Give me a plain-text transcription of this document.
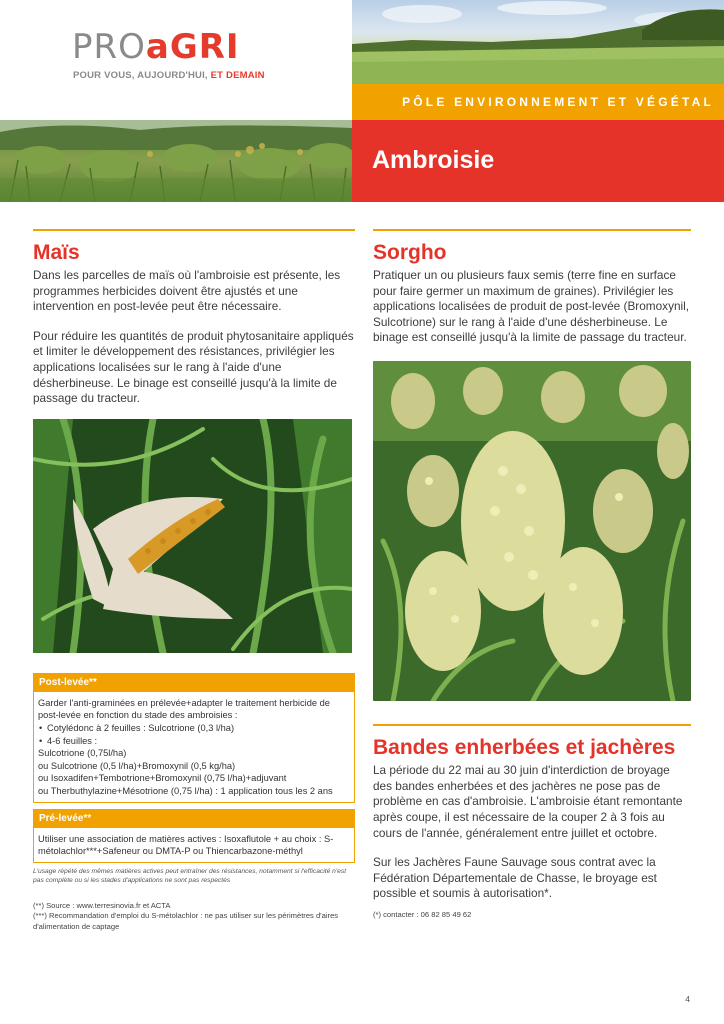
PROaGRI
POUR VOUS, AUJOURD'HUI, ET DEMAIN
PÔLE ENVIRONNEMENT ET VÉGÉTAL
Ambroisie
Maïs

Dans les parcelles de maïs où l'ambroisie est présente, les programmes herbicides doivent être ajustés et une intervention en post-levée peut être nécessaire.

Pour réduire les quantités de produit phytosanitaire appliqués et limiter le développement des résistances, privilégier les applications localisées sur le rang à l'aide d'une désherbineuse. Le binage est conseillé jusqu'à la limite de passage du tracteur.

Post-levée**
Garder l'anti-graminées en prélevée+adapter le traitement herbicide de post-levée en fonction du stade des ambroisies :
• Cotylédonc à 2 feuilles : Sulcotrione (0,3 l/ha)
• 4-6 feuilles :
Sulcotrione (0,75l/ha)
ou Sulcotrione (0,5 l/ha)+Bromoxynil (0,5 kg/ha)
ou Isoxadifen+Tembotrione+Bromoxynil (0,75 l/ha)+adjuvant
ou Therbuthylazine+Mésotrione (0,75 l/ha) : 1 application tous les 2 ans
Pré-levée**
Utiliser une association de matières actives : Isoxaflutole + au choix : S-métolachlor***+Safeneur ou DMTA-P ou Thiencarbazone-méthyl

L'usage répété des mêmes matières actives peut entraîner des résistances, notamment si l'efficacité n'est pas complète ou si les stades d'applications ne sont pas respectés

(**) Source : www.terresinovia.fr et ACTA
(***) Recommandation d'emploi du S-métolachlor : ne pas utiliser sur les périmètres d'aires d'alimentation de captage
Sorgho

Pratiquer un ou plusieurs faux semis (terre fine en surface pour faire germer un maximum de graines). Privilégier les applications localisées de produit de post-levée (Bromoxynil, Sulcotrione) sur le rang à l'aide d'une désherbineuse. Le binage est conseillé jusqu'à la limite de passage du tracteur.

Bandes enherbées et jachères

La période du 22 mai au 30 juin d'interdiction de broyage des bandes enherbées et des jachères ne pose pas de problème en cas d'ambroisie. L'ambroisie étant remontante après coupe, il est nécessaire de la couper 2 à 3 fois au cours de l'année, généralement entre juillet et octobre.

Sur les Jachères Faune Sauvage sous contrat avec la Fédération Départementale de Chasse, le broyage est possible et soumis à autorisation*.

(*) contacter : 06 82 85 49 62

4
